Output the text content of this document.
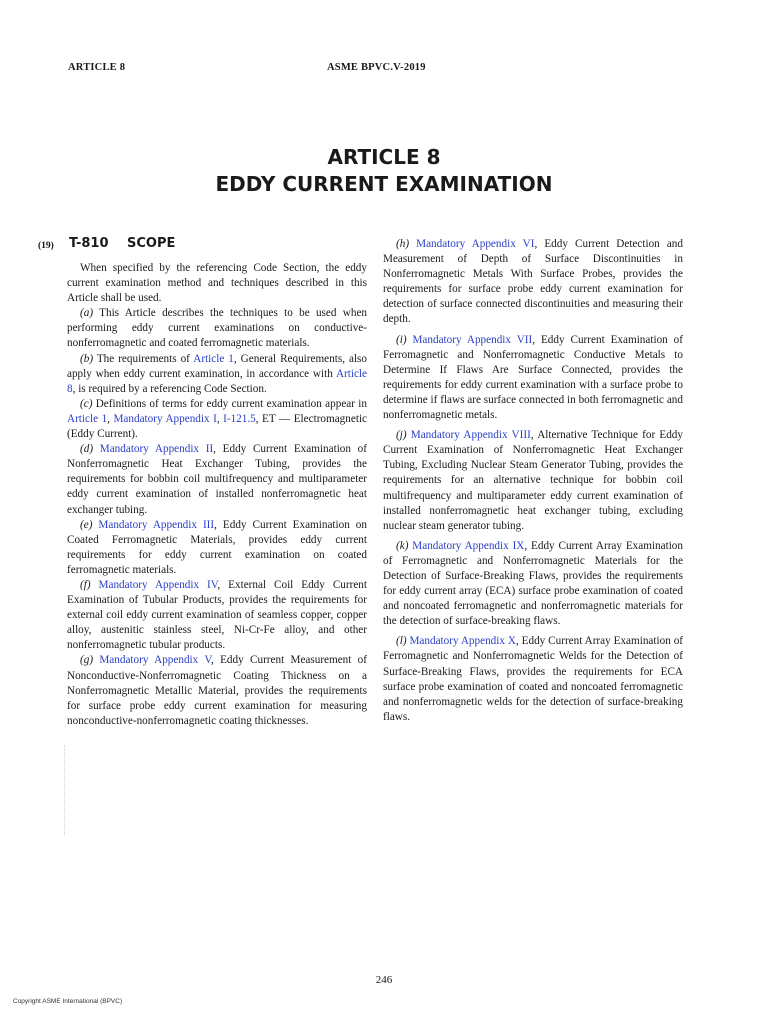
ARTICLE 8	ASME BPVC.V-2019
ARTICLE 8
EDDY CURRENT EXAMINATION
(19) T-810 SCOPE

When specified by the referencing Code Section, the eddy current examination method and techniques described in this Article shall be used.

(a) This Article describes the techniques to be used when performing eddy current examinations on conductive-nonferromagnetic and coated ferromagnetic materials.

(b) The requirements of Article 1, General Requirements, also apply when eddy current examination, in accordance with Article 8, is required by a referencing Code Section.

(c) Definitions of terms for eddy current examination appear in Article 1, Mandatory Appendix I, I-121.5, ET — Electromagnetic (Eddy Current).

(d) Mandatory Appendix II, Eddy Current Examination of Nonferromagnetic Heat Exchanger Tubing, provides the requirements for bobbin coil multifrequency and multiparameter eddy current examination of installed nonferromagnetic heat exchanger tubing.

(e) Mandatory Appendix III, Eddy Current Examination on Coated Ferromagnetic Materials, provides eddy current requirements for eddy current examination on coated ferromagnetic materials.

(f) Mandatory Appendix IV, External Coil Eddy Current Examination of Tubular Products, provides the requirements for external coil eddy current examination of seamless copper, copper alloy, austenitic stainless steel, Ni-Cr-Fe alloy, and other nonferromagnetic tubular products.

(g) Mandatory Appendix V, Eddy Current Measurement of Nonconductive-Nonferromagnetic Coating Thickness on a Nonferromagnetic Metallic Material, provides the requirements for surface probe eddy current examination for measuring nonconductive-nonferromagnetic coating thicknesses.

(h) Mandatory Appendix VI, Eddy Current Detection and Measurement of Depth of Surface Discontinuities in Nonferromagnetic Metals With Surface Probes, provides the requirements for surface probe eddy current examination for detection of surface connected discontinuities and measuring their depth.

(i) Mandatory Appendix VII, Eddy Current Examination of Ferromagnetic and Nonferromagnetic Conductive Metals to Determine If Flaws Are Surface Connected, provides the requirements for eddy current examination with a surface probe to determine if flaws are surface connected in both ferromagnetic and nonferromagnetic metals.

(j) Mandatory Appendix VIII, Alternative Technique for Eddy Current Examination of Nonferromagnetic Heat Exchanger Tubing, Excluding Nuclear Steam Generator Tubing, provides the requirements for an alternative technique for bobbin coil multifrequency and multiparameter eddy current examination of installed nonferromagnetic heat exchanger tubing, excluding nuclear steam generator tubing.

(k) Mandatory Appendix IX, Eddy Current Array Examination of Ferromagnetic and Nonferromagnetic Materials for the Detection of Surface-Breaking Flaws, provides the requirements for eddy current array (ECA) surface probe examination of coated and noncoated ferromagnetic and nonferromagnetic materials for the detection of surface-breaking flaws.

(l) Mandatory Appendix X, Eddy Current Array Examination of Ferromagnetic and Nonferromagnetic Welds for the Detection of Surface-Breaking Flaws, provides the requirements for ECA surface probe examination of coated and noncoated ferromagnetic and nonferromagnetic welds for the detection of surface-breaking flaws.

246
Copyright ASME International (BPVC)
